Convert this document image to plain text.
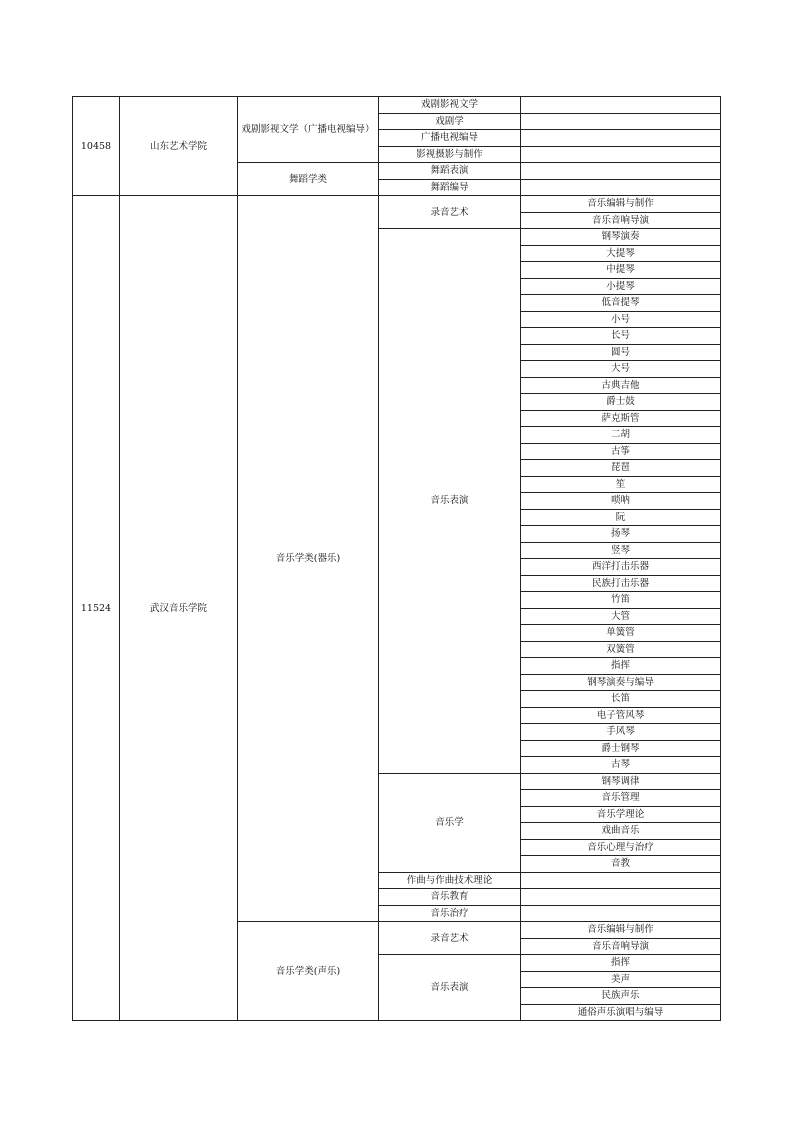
10458	山东艺术学院	戏剧影视文学（广播电视编导）	戏剧影视文学	
			戏剧学	
			广播电视编导	
			影视摄影与制作	
		舞蹈学类	舞蹈表演	
			舞蹈编导	
11524	武汉音乐学院	音乐学类(器乐)	录音艺术	音乐编辑与制作
				音乐音响导演
			音乐表演	钢琴演奏
				大提琴
				中提琴
				小提琴
				低音提琴
				小号
				长号
				圆号
				大号
				古典吉他
				爵士鼓
				萨克斯管
				二胡
				古筝
				琵琶
				笙
				唢呐
				阮
				扬琴
				竖琴
				西洋打击乐器
				民族打击乐器
				竹笛
				大管
				单簧管
				双簧管
				指挥
				钢琴演奏与编导
				长笛
				电子管风琴
				手风琴
				爵士钢琴
				古琴
			音乐学	钢琴调律
				音乐管理
				音乐学理论
				戏曲音乐
				音乐心理与治疗
				音教
			作曲与作曲技术理论	
			音乐教育	
			音乐治疗	
		音乐学类(声乐)	录音艺术	音乐编辑与制作
				音乐音响导演
			音乐表演	指挥
				美声
				民族声乐
				通俗声乐演唱与编导
